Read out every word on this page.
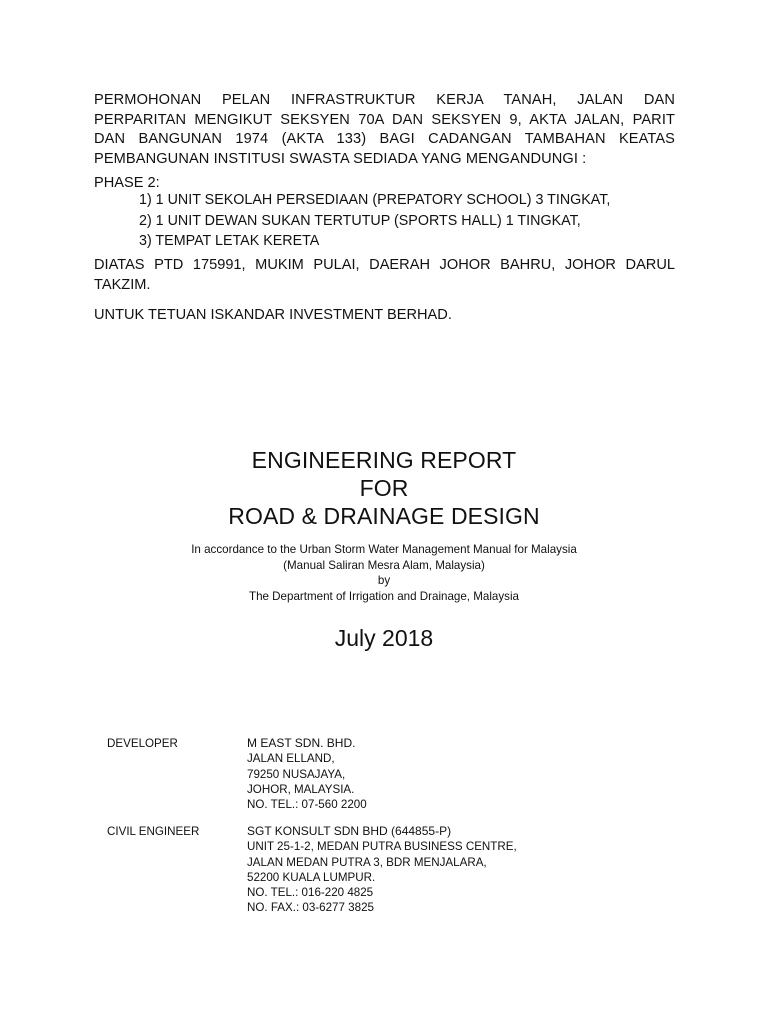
PERMOHONAN PELAN INFRASTRUKTUR KERJA TANAH, JALAN DAN
PERPARITAN MENGIKUT SEKSYEN 70A DAN SEKSYEN 9, AKTA JALAN, PARIT
DAN BANGUNAN 1974 (AKTA 133) BAGI CADANGAN TAMBAHAN KEATAS
PEMBANGUNAN INSTITUSI SWASTA SEDIADA YANG MENGANDUNGI :
PHASE 2:
1) 1 UNIT SEKOLAH PERSEDIAAN (PREPATORY SCHOOL) 3 TINGKAT,
2) 1 UNIT DEWAN SUKAN TERTUTUP (SPORTS HALL) 1 TINGKAT,
3) TEMPAT LETAK KERETA
DIATAS PTD 175991, MUKIM PULAI, DAERAH JOHOR BAHRU, JOHOR DARUL
TAKZIM.
UNTUK TETUAN ISKANDAR INVESTMENT BERHAD.
ENGINEERING REPORT
FOR
ROAD & DRAINAGE DESIGN
In accordance to the Urban Storm Water Management Manual for Malaysia
(Manual Saliran Mesra Alam, Malaysia)
by
The Department of Irrigation and Drainage, Malaysia
July 2018
DEVELOPER	M EAST SDN. BHD.
JALAN ELLAND,
79250 NUSAJAYA,
JOHOR, MALAYSIA.
NO. TEL.: 07-560 2200
CIVIL ENGINEER	SGT KONSULT SDN BHD (644855-P)
UNIT 25-1-2, MEDAN PUTRA BUSINESS CENTRE,
JALAN MEDAN PUTRA 3, BDR MENJALARA,
52200 KUALA LUMPUR.
NO. TEL.: 016-220 4825
NO. FAX.: 03-6277 3825
